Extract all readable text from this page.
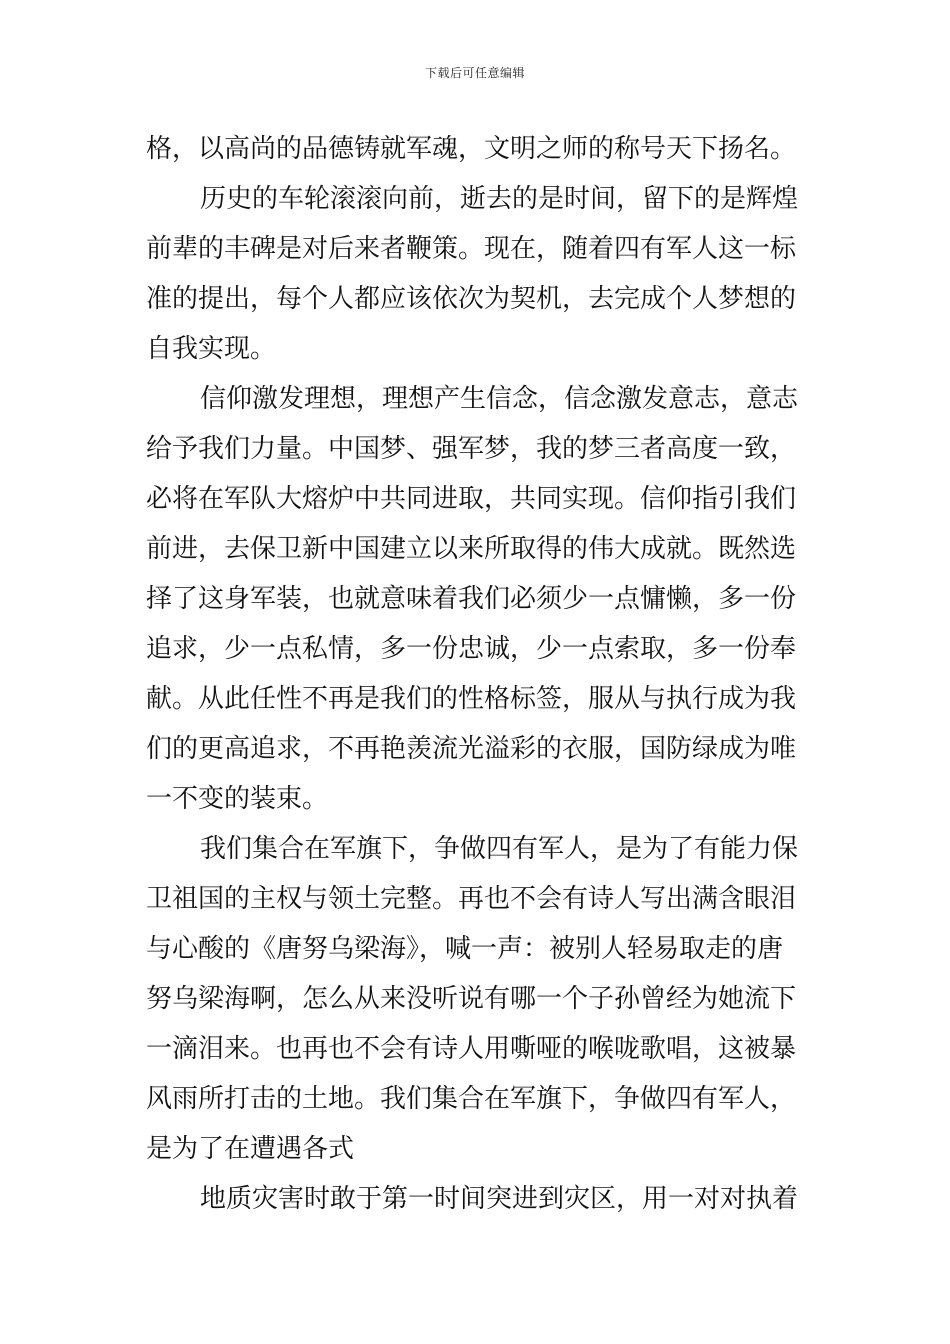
下载后可任意编辑
格，以高尚的品德铸就军魂，文明之师的称号天下扬名。
历史的车轮滚滚向前，逝去的是时间，留下的是辉煌
前辈的丰碑是对后来者鞭策。现在，随着四有军人这一标
准的提出，每个人都应该依次为契机，去完成个人梦想的
自我实现。
信仰激发理想，理想产生信念，信念激发意志，意志
给予我们力量。中国梦、强军梦，我的梦三者高度一致，
必将在军队大熔炉中共同进取，共同实现。信仰指引我们
前进，去保卫新中国建立以来所取得的伟大成就。既然选
择了这身军装，也就意味着我们必须少一点慵懒，多一份
追求，少一点私情，多一份忠诚，少一点索取，多一份奉
献。从此任性不再是我们的性格标签，服从与执行成为我
们的更高追求，不再艳羡流光溢彩的衣服，国防绿成为唯
一不变的装束。
我们集合在军旗下，争做四有军人，是为了有能力保
卫祖国的主权与领土完整。再也不会有诗人写出满含眼泪
与心酸的《唐努乌梁海》，喊一声：被别人轻易取走的唐
努乌梁海啊，怎么从来没听说有哪一个子孙曾经为她流下
一滴泪来。也再也不会有诗人用嘶哑的喉咙歌唱，这被暴
风雨所打击的土地。我们集合在军旗下，争做四有军人，
是为了在遭遇各式
地质灾害时敢于第一时间突进到灾区，用一对对执着
